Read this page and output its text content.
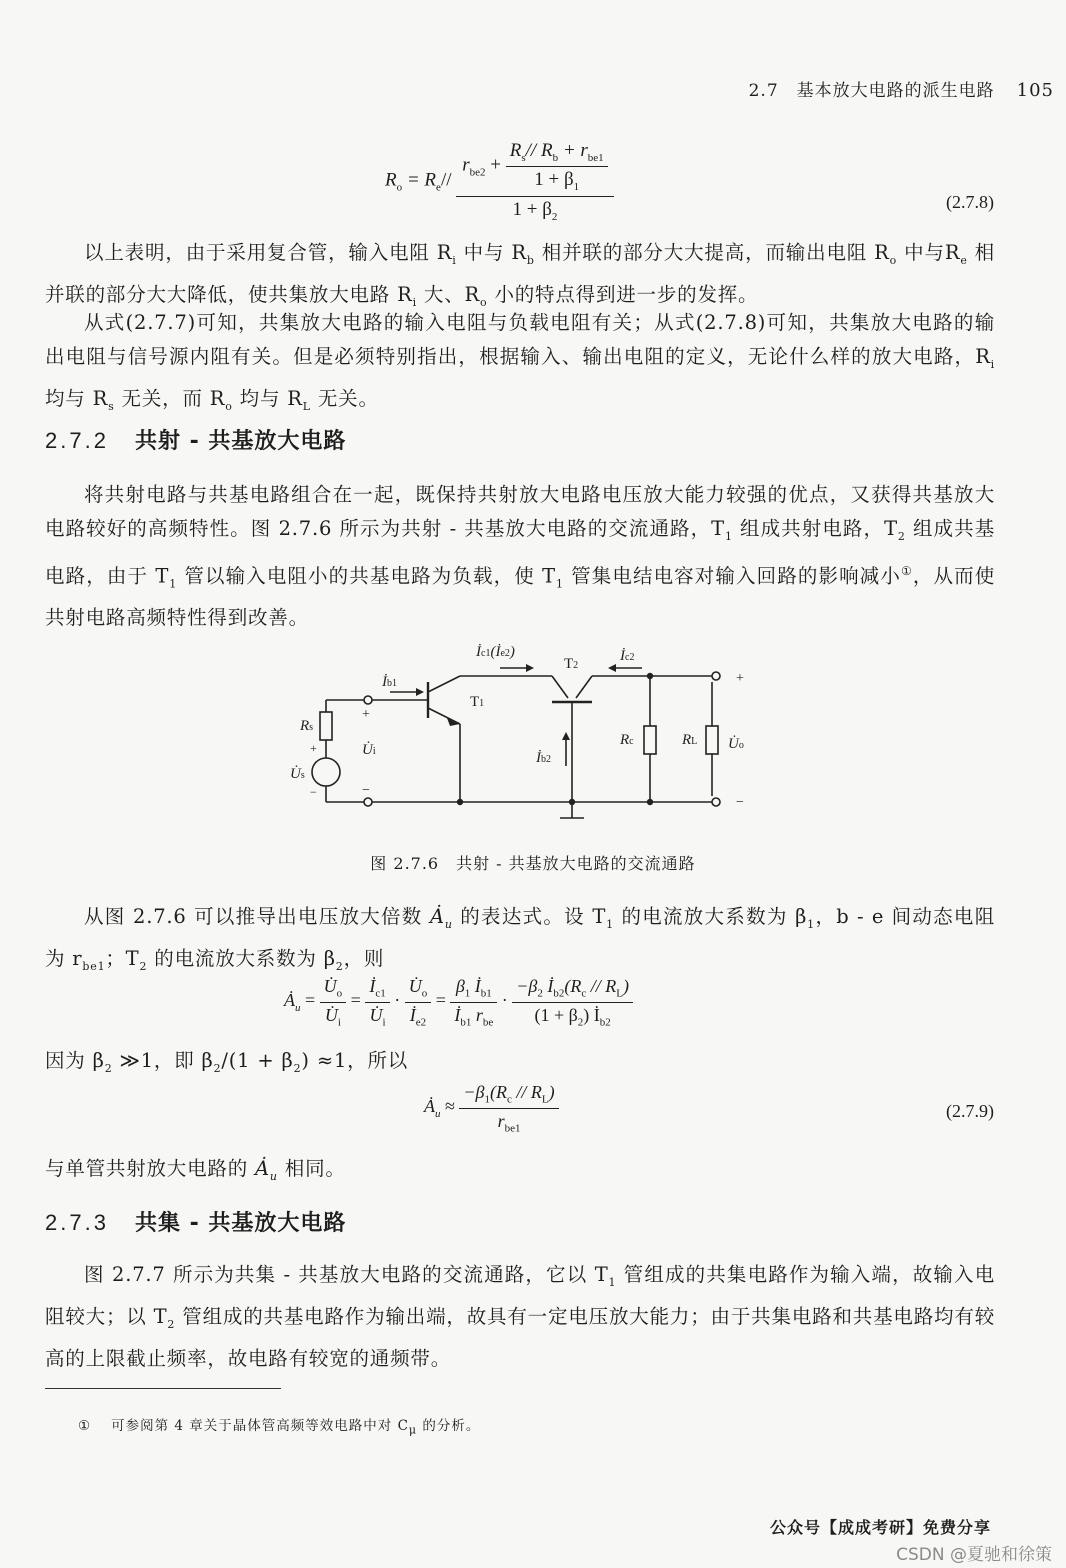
2.7　基本放大电路的派生电路 105
$R_o = R_e//$
$r_{be2} + \frac{R_s// R_b + r_{be1}}{1 + \beta_1}$
$1 + \beta_2$
(2.7.8)

以上表明，由于采用复合管，输入电阻 $R_i$ 中与 $R_b$ 相并联的部分大大提高，而输出电阻 $R_o$ 中与$R_e$ 相并联的部分大大降低，使共集放大电路 $R_i$ 大、$R_o$ 小的特点得到进一步的发挥。

从式(2.7.7)可知，共集放大电路的输入电阻与负载电阻有关；从式(2.7.8)可知，共集放大电路的输出电阻与信号源内阻有关。但是必须特别指出，根据输入、输出电阻的定义，无论什么样的放大电路，$R_i$ 均与 $R_s$ 无关，而 $R_o$ 均与 $R_L$ 无关。

2.7.2 共射 - 共基放大电路

将共射电路与共基电路组合在一起，既保持共射放大电路电压放大能力较强的优点，又获得共基放大电路较好的高频特性。图 2.7.6 所示为共射 - 共基放大电路的交流通路，$T_1$ 组成共射电路，$T_2$ 组成共基电路，由于 $T_1$ 管以输入电阻小的共基电路为负载，使 $T_1$ 管集电结电容对输入回路的影响减小①，从而使共射电路高频特性得到改善。

İc1(İe2)
T2
İc2
İb1
T1
Rs
U̇i
U̇s
İb2
Rc	RL U̇o
+
−
+
−
+
−
图 2.7.6　共射 - 共基放大电路的交流通路

从图 2.7.6 可以推导出电压放大倍数 $Ȧ_u$ 的表达式。设 $T_1$ 的电流放大系数为 $\beta_1$，b - e 间动态电阻为 $r_{be1}$；$T_2$ 的电流放大系数为 $\beta_2$，则

$Ȧ_u = \frac{U̇_o}{U̇_i} = \frac{İ_{c1}}{U̇_i} \cdot \frac{U̇_o}{İ_{e2}} = \frac{\beta_1 İ_{b1}}{İ_{b1} r_{be}} \cdot \frac{-\beta_2 İ_{b2}(R_c // R_L)}{(1 + \beta_2) İ_{b2}}$

因为 $\beta_2$ ≫1，即 $\beta_2/(1 + \beta_2) \approx 1$，所以

$Ȧ_u \approx \frac{-\beta_1(R_c // R_L)}{r_{be1}}$	(2.7.9)

与单管共射放大电路的 $Ȧ_u$ 相同。

2.7.3 共集 - 共基放大电路

图 2.7.7 所示为共集 - 共基放大电路的交流通路，它以 $T_1$ 管组成的共集电路作为输入端，故输入电阻较大；以 $T_2$ 管组成的共基电路作为输出端，故具有一定电压放大能力；由于共集电路和共基电路均有较高的上限截止频率，故电路有较宽的通频带。

① 可参阅第 4 章关于晶体管高频等效电路中对 $C_\mu$ 的分析。
公众号【成成考研】免费分享
CSDN @夏驰和徐策
